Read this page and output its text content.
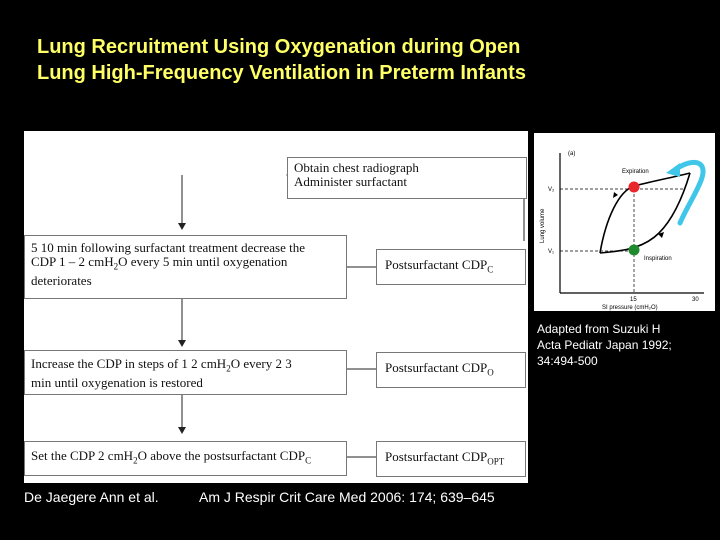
Lung Recruitment Using Oxygenation during Open
Lung High-Frequency Ventilation in Preterm Infants
Obtain chest radiograph
Administer surfactant
5 10 min following surfactant treatment decrease the
CDP 1 – 2 cmH$_2$O every 5 min until oxygenation
deteriorates
Postsurfactant $CDP_C$
Increase the CDP in steps of 1 2 cmH$_2$O every 2 3
min until oxygenation is restored
Postsurfactant $CDP_O$
Set the CDP 2 cmH$_2$O above the postsurfactant $CDP_C$	Postsurfactant $CDP_{OPT}$
(a)
Expiration
Inspiration
V₂
V₁
Lung volume
15	30
SI pressure (cmH₂O)
Adapted from Suzuki H
Acta Pediatr Japan 1992;
34:494-500
De Jaegere Ann et al.	Am J Respir Crit Care Med 2006: 174; 639–645
